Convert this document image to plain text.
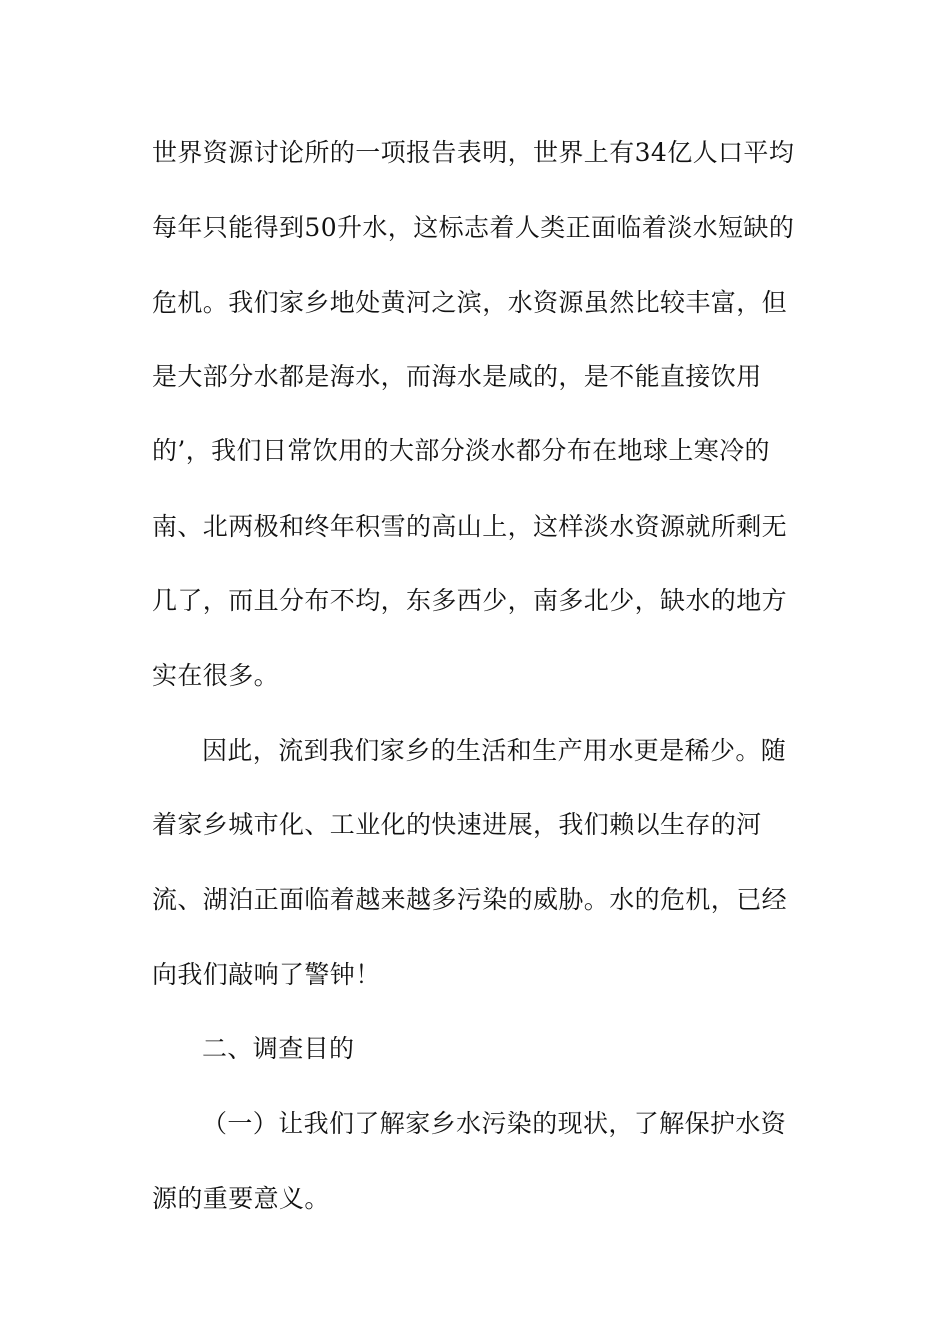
世界资源讨论所的一项报告表明，世界上有34亿人口平均

每年只能得到50升水，这标志着人类正面临着淡水短缺的

危机。我们家乡地处黄河之滨，水资源虽然比较丰富，但

是大部分水都是海水，而海水是咸的，是不能直接饮用

的’，我们日常饮用的大部分淡水都分布在地球上寒冷的

南、北两极和终年积雪的高山上，这样淡水资源就所剩无

几了，而且分布不均，东多西少，南多北少，缺水的地方

实在很多。

因此，流到我们家乡的生活和生产用水更是稀少。随

着家乡城市化、工业化的快速进展，我们赖以生存的河

流、湖泊正面临着越来越多污染的威胁。水的危机，已经

向我们敲响了警钟！

二、调查目的

（一）让我们了解家乡水污染的现状，了解保护水资

源的重要意义。
